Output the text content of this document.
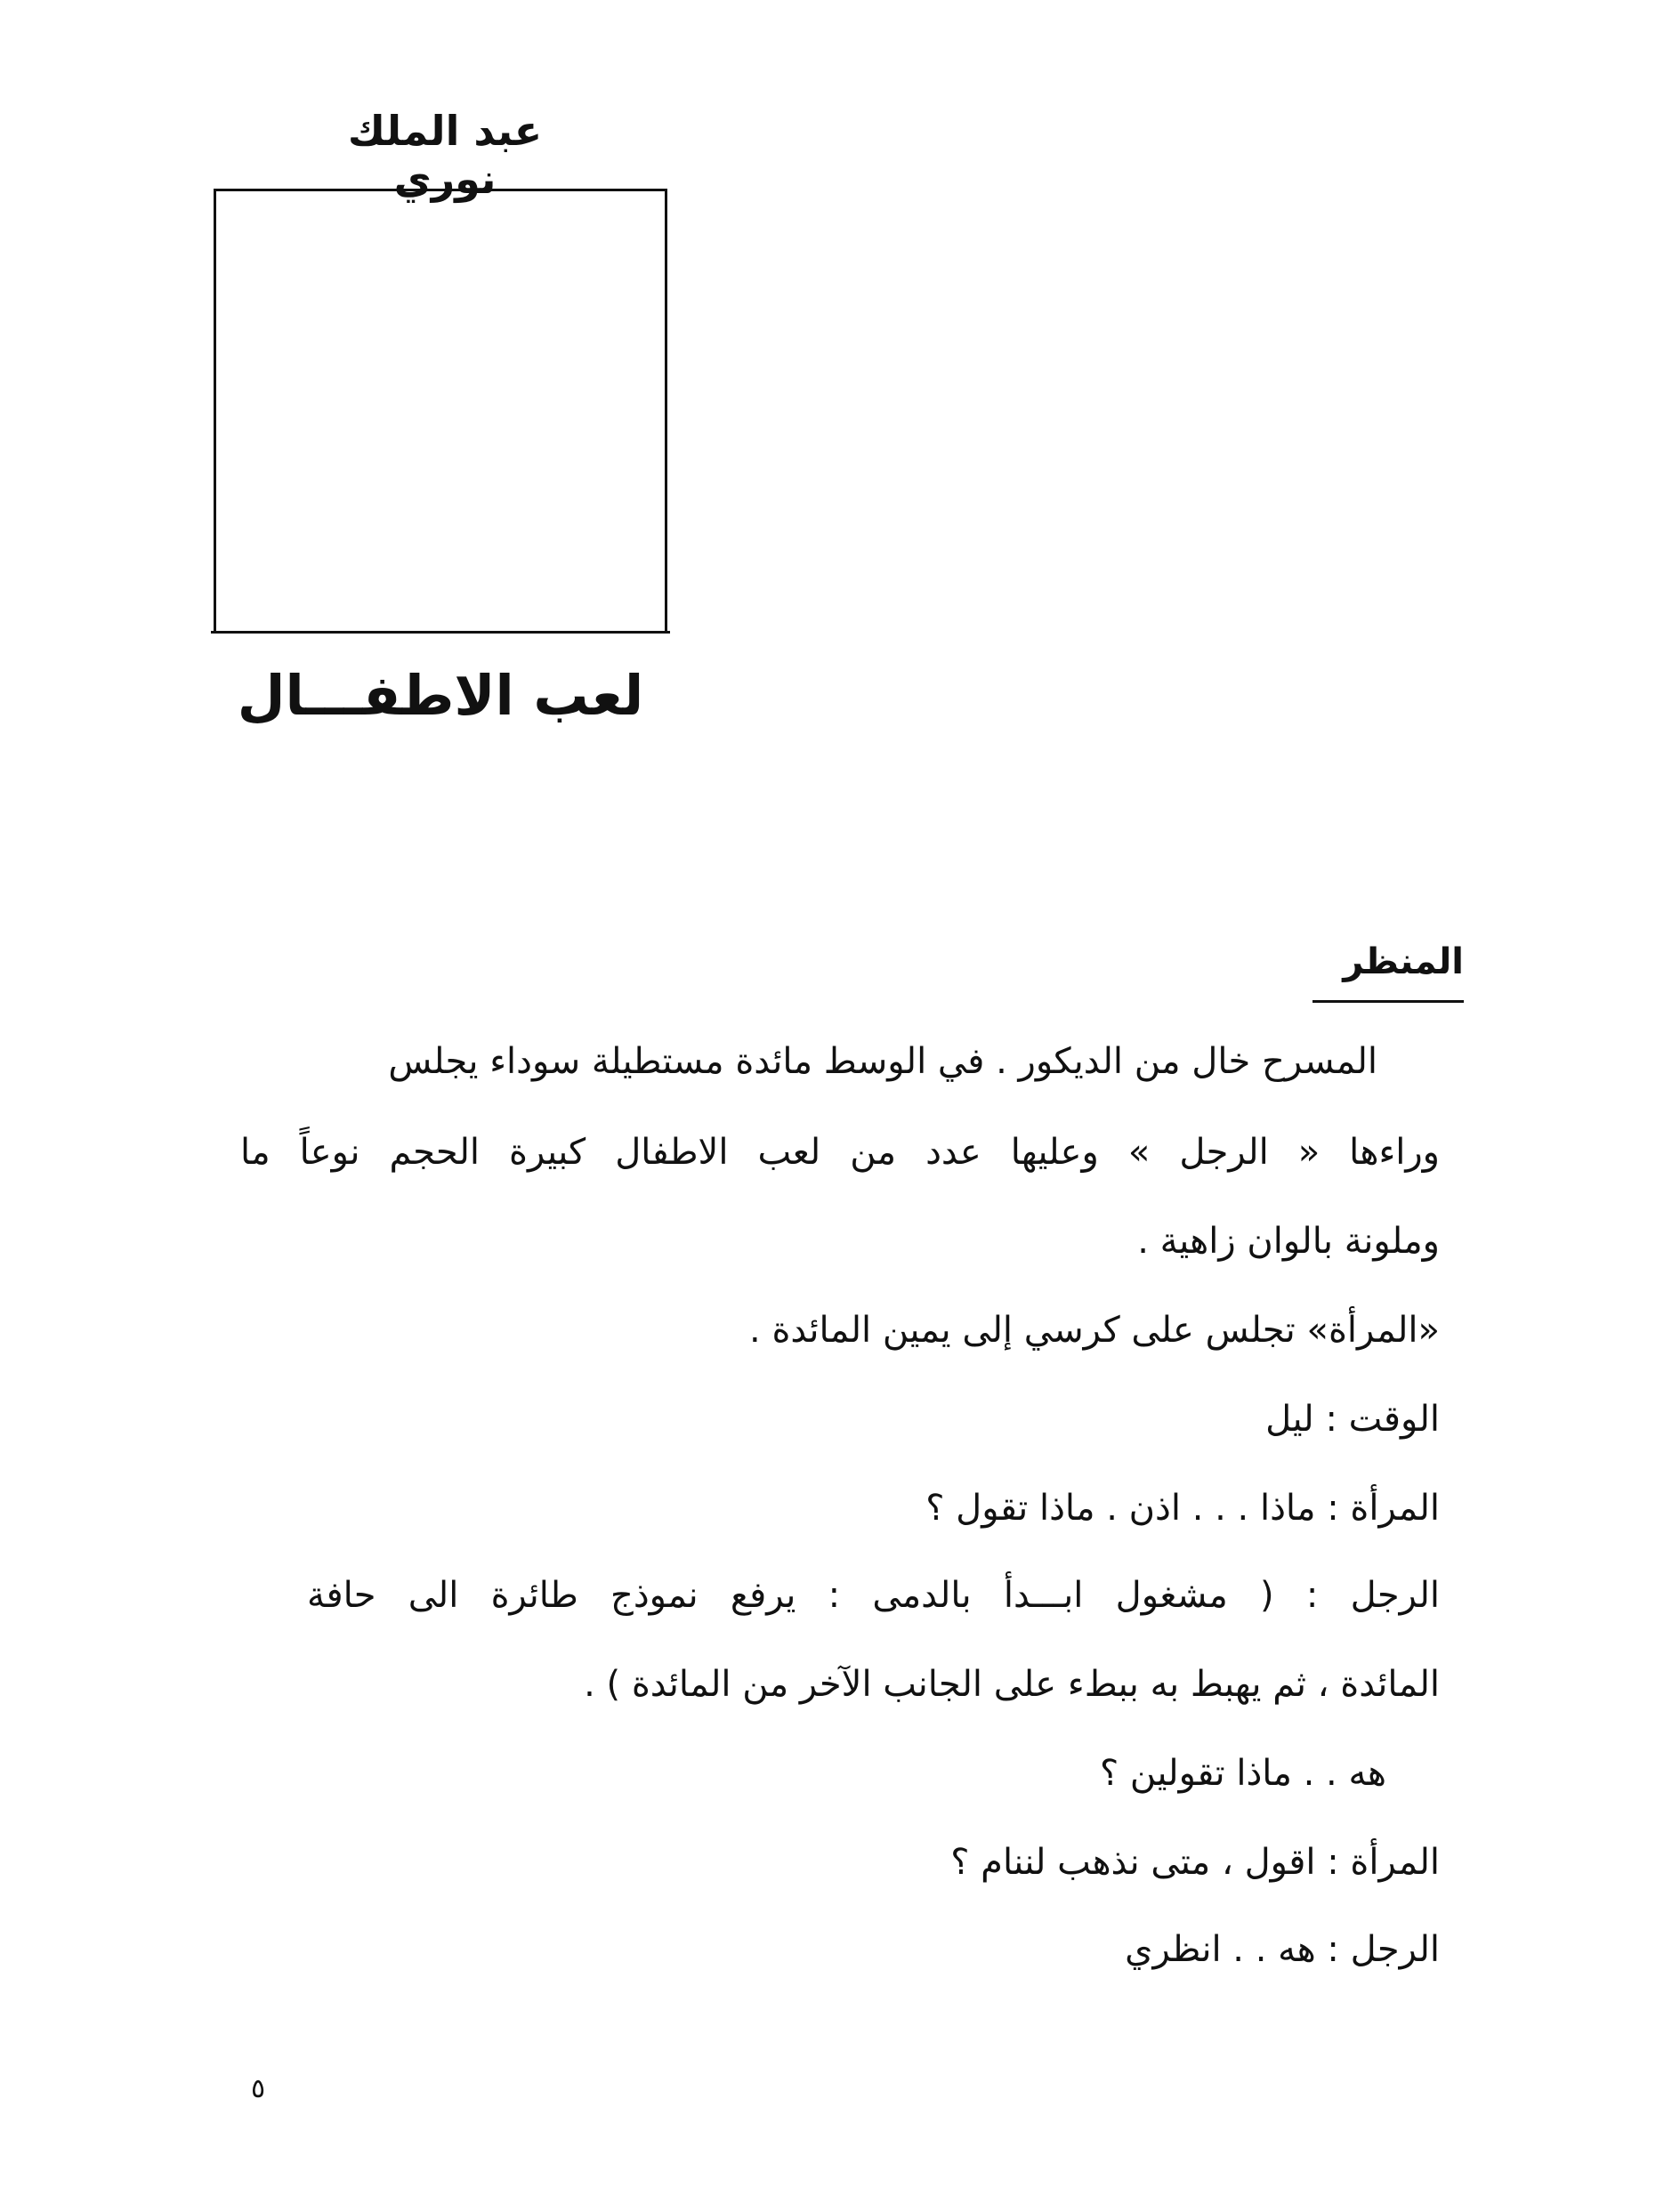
عبد الملك نوري
لعب الاطفـــال
المنظر
المسرح خال من الديكور . في الوسط مائدة مستطيلة سوداء يجلس
وراءها « الرجل » وعليها عدد من لعب الاطفال كبيرة الحجم نوعاً ما
وملونة بالوان زاهية .
«المرأة» تجلس على كرسي إلى يمين المائدة .
الوقت : ليل
المرأة : ماذا . . . اذن . ماذا تقول ؟
الرجل : ( مشغول ابـــدأ بالدمى : يرفع نموذج طائرة الى حافة
المائدة ، ثم يهبط به ببطء على الجانب الآخر من المائدة ) .
هه . . ماذا تقولين ؟
المرأة : اقول ، متى نذهب لننام ؟
الرجل : هه . . انظري
٥
